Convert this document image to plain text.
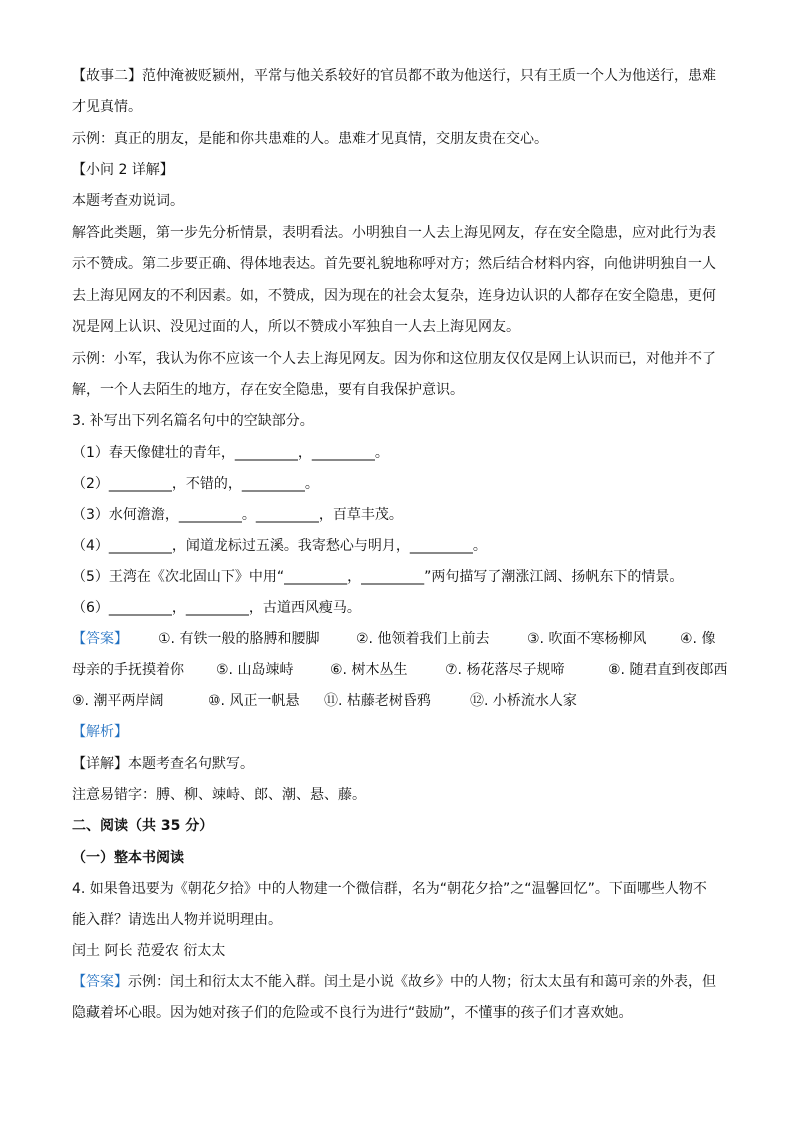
【故事二】范仲淹被贬颍州，平常与他关系较好的官员都不敢为他送行，只有王质一个人为他送行，患难
才见真情。
示例：真正的朋友，是能和你共患难的人。患难才见真情，交朋友贵在交心。
【小问 2 详解】
本题考查劝说词。
解答此类题，第一步先分析情景，表明看法。小明独自一人去上海见网友，存在安全隐患，应对此行为表
示不赞成。第二步要正确、得体地表达。首先要礼貌地称呼对方；然后结合材料内容，向他讲明独自一人
去上海见网友的不利因素。如，不赞成，因为现在的社会太复杂，连身边认识的人都存在安全隐患，更何
况是网上认识、没见过面的人，所以不赞成小军独自一人去上海见网友。
示例：小军，我认为你不应该一个人去上海见网友。因为你和这位朋友仅仅是网上认识而已，对他并不了
解，一个人去陌生的地方，存在安全隐患，要有自我保护意识。
3. 补写出下列名篇名句中的空缺部分。
（1）春天像健壮的青年，_________，_________。
（2）_________，不错的，_________。
（3）水何澹澹，_________。_________，百草丰茂。
（4）_________，闻道龙标过五溪。我寄愁心与明月，_________。
（5）王湾在《次北固山下》中用“_________，_________”两句描写了潮涨江阔、扬帆东下的情景。
（6）_________，_________，古道西风瘦马。
【答案】 ①. 有铁一般的胳膊和腰脚	②. 他领着我们上前去	③. 吹面不寒杨柳风 ④. 像
母亲的手抚摸着你 ⑤. 山岛竦峙	⑥. 树木丛生	⑦. 杨花落尽子规啼	⑧. 随君直到夜郎西
⑨. 潮平两岸阔	⑩. 风正一帆悬 ⑪. 枯藤老树昏鸦	⑫. 小桥流水人家
【解析】
【详解】本题考查名句默写。
注意易错字：膊、柳、竦峙、郎、潮、悬、藤。
二、阅读（共 35 分）
（一）整本书阅读
4. 如果鲁迅要为《朝花夕拾》中的人物建一个微信群，名为“朝花夕拾”之“温馨回忆”。下面哪些人物不
能入群？请选出人物并说明理由。
闰土 阿长 范爱农 衍太太
【答案】示例：闰土和衍太太不能入群。闰土是小说《故乡》中的人物；衍太太虽有和蔼可亲的外表，但
隐藏着坏心眼。因为她对孩子们的危险或不良行为进行“鼓励”，不懂事的孩子们才喜欢她。
